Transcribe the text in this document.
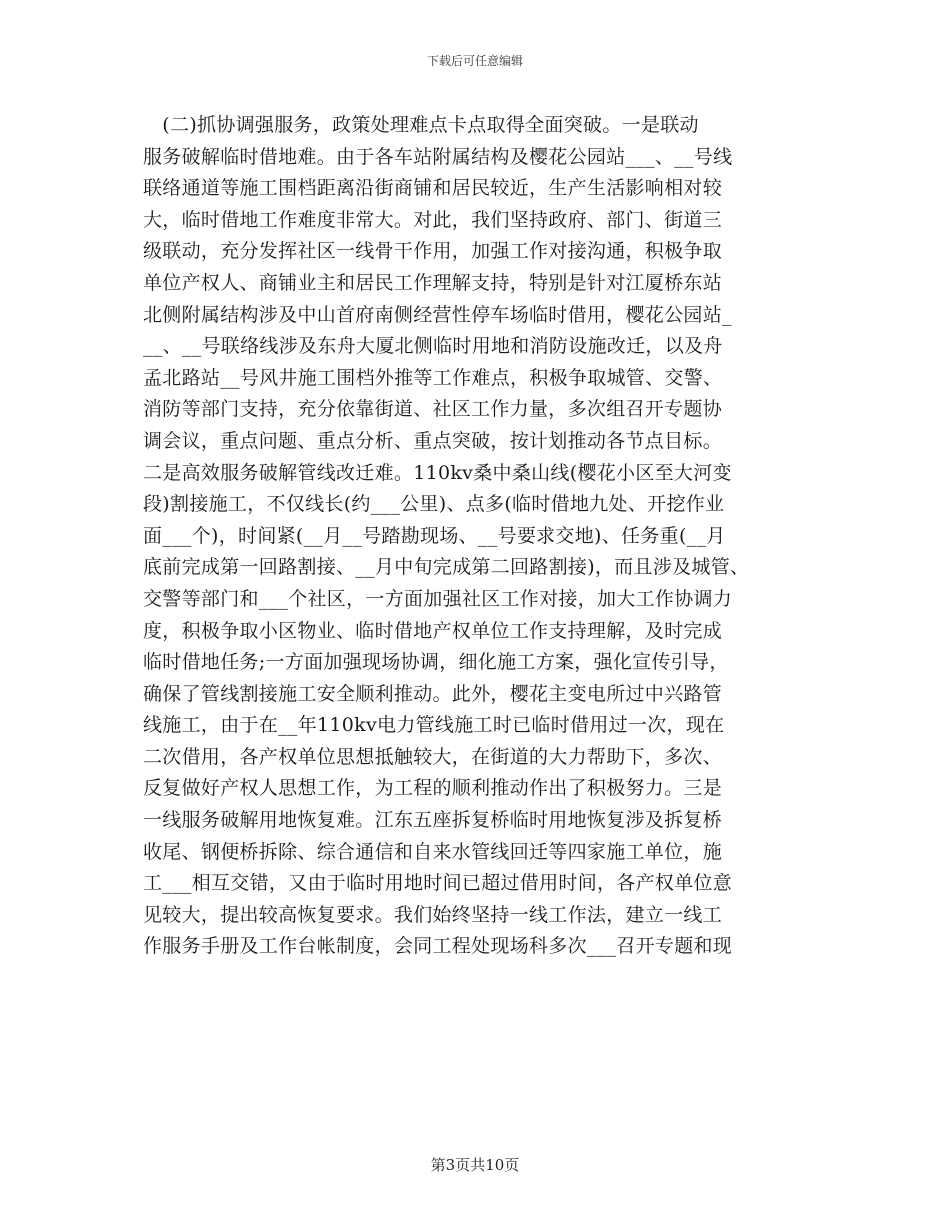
下载后可任意编辑
　(二)抓协调强服务，政策处理难点卡点取得全面突破。一是联动
服务破解临时借地难。由于各车站附属结构及樱花公园站___、__号线
联络通道等施工围档距离沿街商铺和居民较近，生产生活影响相对较
大，临时借地工作难度非常大。对此，我们坚持政府、部门、街道三
级联动，充分发挥社区一线骨干作用，加强工作对接沟通，积极争取
单位产权人、商铺业主和居民工作理解支持，特别是针对江厦桥东站
北侧附属结构涉及中山首府南侧经营性停车场临时借用，樱花公园站_
__、__号联络线涉及东舟大厦北侧临时用地和消防设施改迁，以及舟
孟北路站__号风井施工围档外推等工作难点，积极争取城管、交警、
消防等部门支持，充分依靠街道、社区工作力量，多次组召开专题协
调会议，重点问题、重点分析、重点突破，按计划推动各节点目标。
二是高效服务破解管线改迁难。110kv桑中桑山线(樱花小区至大河变
段)割接施工，不仅线长(约___公里)、点多(临时借地九处、开挖作业
面___个)，时间紧(__月__号踏勘现场、__号要求交地)、任务重(__月
底前完成第一回路割接、__月中旬完成第二回路割接)，而且涉及城管、
交警等部门和___个社区，一方面加强社区工作对接，加大工作协调力
度，积极争取小区物业、临时借地产权单位工作支持理解，及时完成
临时借地任务;一方面加强现场协调，细化施工方案，强化宣传引导，
确保了管线割接施工安全顺利推动。此外，樱花主变电所过中兴路管
线施工，由于在__年110kv电力管线施工时已临时借用过一次，现在
二次借用，各产权单位思想抵触较大，在街道的大力帮助下，多次、
反复做好产权人思想工作，为工程的顺利推动作出了积极努力。三是
一线服务破解用地恢复难。江东五座拆复桥临时用地恢复涉及拆复桥
收尾、钢便桥拆除、综合通信和自来水管线回迁等四家施工单位，施
工___相互交错，又由于临时用地时间已超过借用时间，各产权单位意
见较大，提出较高恢复要求。我们始终坚持一线工作法，建立一线工
作服务手册及工作台帐制度，会同工程处现场科多次___召开专题和现
第3页共10页
